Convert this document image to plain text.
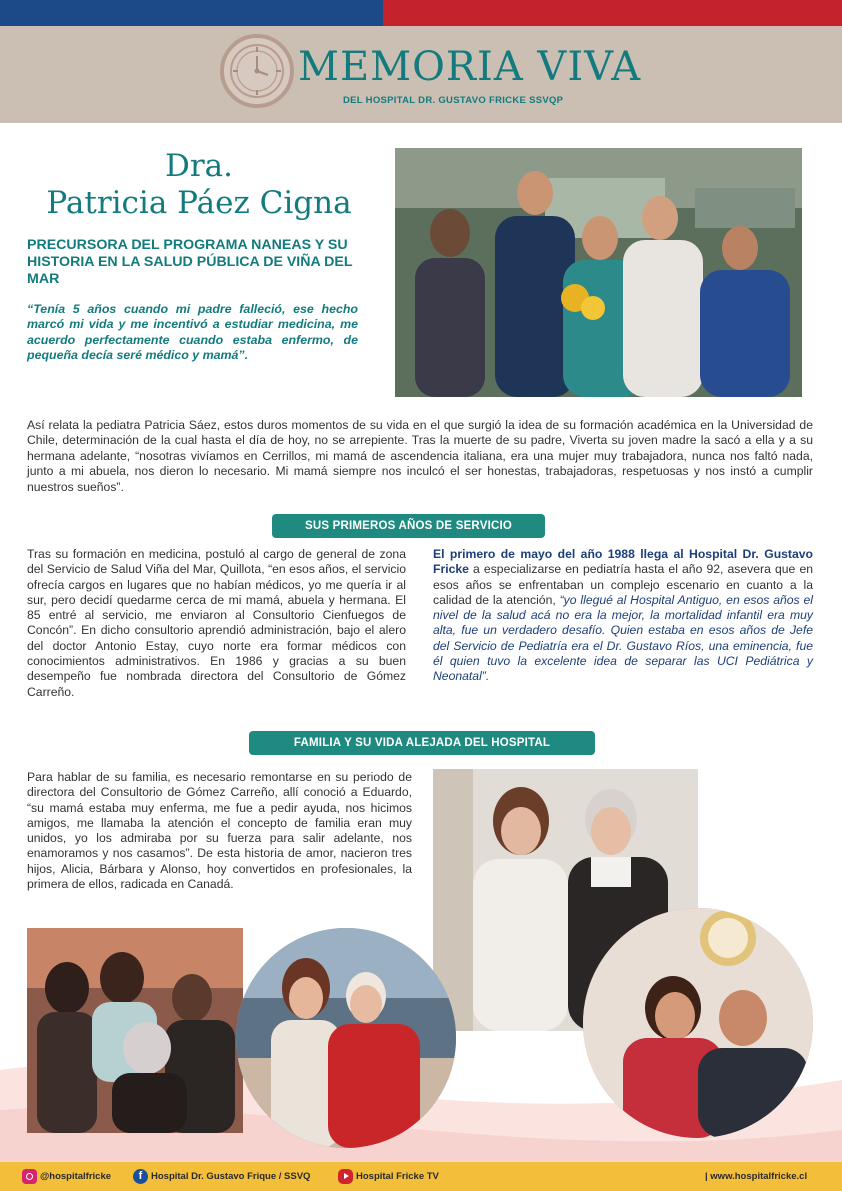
MEMORIA VIVA
DEL HOSPITAL DR. GUSTAVO FRICKE SSVQP
Dra.
Patricia Páez Cigna
PRECURSORA DEL PROGRAMA NANEAS Y SU HISTORIA EN LA SALUD PÚBLICA DE VIÑA DEL MAR

“Tenía 5 años cuando mi padre falleció, ese hecho marcó mi vida y me incentivó a estudiar medicina, me acuerdo perfectamente cuando estaba enfermo, de pequeña decía seré médico y mamá”.

Así relata la pediatra Patricia Sáez, estos duros momentos de su vida en el que surgió la idea de su formación académica en la Universidad de Chile, determinación de la cual hasta el día de hoy, no se arrepiente. Tras la muerte de su padre, Viverta su joven madre la sacó a ella y a su hermana adelante, “nosotras vivíamos en Cerrillos, mi mamá de ascendencia italiana, era una mujer muy trabajadora, nunca nos faltó nada, junto a mi abuela, nos dieron lo necesario. Mi mamá siempre nos inculcó el ser honestas, trabajadoras, respetuosas y nos instó a cumplir nuestros sueños”.

SUS PRIMEROS AÑOS DE SERVICIO

Tras su formación en medicina, postuló al cargo de general de zona del Servicio de Salud Viña del Mar, Quillota, “en esos años, el servicio ofrecía cargos en lugares que no habían médicos, yo me quería ir al sur, pero decidí quedarme cerca de mi mamá, abuela y hermana. El 85 entré al servicio, me enviaron al Consultorio Cienfuegos de Concón”. En dicho consultorio aprendió administración, bajo el alero del doctor Antonio Estay, cuyo norte era formar médicos con conocimientos administrativos. En 1986 y gracias a su buen desempeño fue nombrada directora del Consultorio de Gómez Carreño.

El primero de mayo del año 1988 llega al Hospital Dr. Gustavo Fricke a especializarse en pediatría hasta el año 92, asevera que en esos años se enfrentaban un complejo escenario en cuanto a la calidad de la atención, “yo llegué al Hospital Antiguo, en esos años el nivel de la salud acá no era la mejor, la mortalidad infantil era muy alta, fue un verdadero desafío. Quien estaba en esos años de Jefe del Servicio de Pediatría era el Dr. Gustavo Ríos, una eminencia, fue él quien tuvo la excelente idea de separar las UCI Pediátrica y Neonatal”.

FAMILIA Y SU VIDA ALEJADA DEL HOSPITAL

Para hablar de su familia, es necesario remontarse en su periodo de directora del Consultorio de Gómez Carreño, allí conoció a Eduardo, “su mamá estaba muy enferma, me fue a pedir ayuda, nos hicimos amigos, me llamaba la atención el concepto de familia eran muy unidos, yo los admiraba por su fuerza para salir adelante, nos enamoramos y nos casamos”. De esta historia de amor, nacieron tres hijos, Alicia, Bárbara y Alonso, hoy convertidos en profesionales, la primera de ellos, radicada en Canadá.

@hospitalfricke	f Hospital Dr. Gustavo Frique / SSVQ	Hospital Fricke TV	| www.hospitalfricke.cl
